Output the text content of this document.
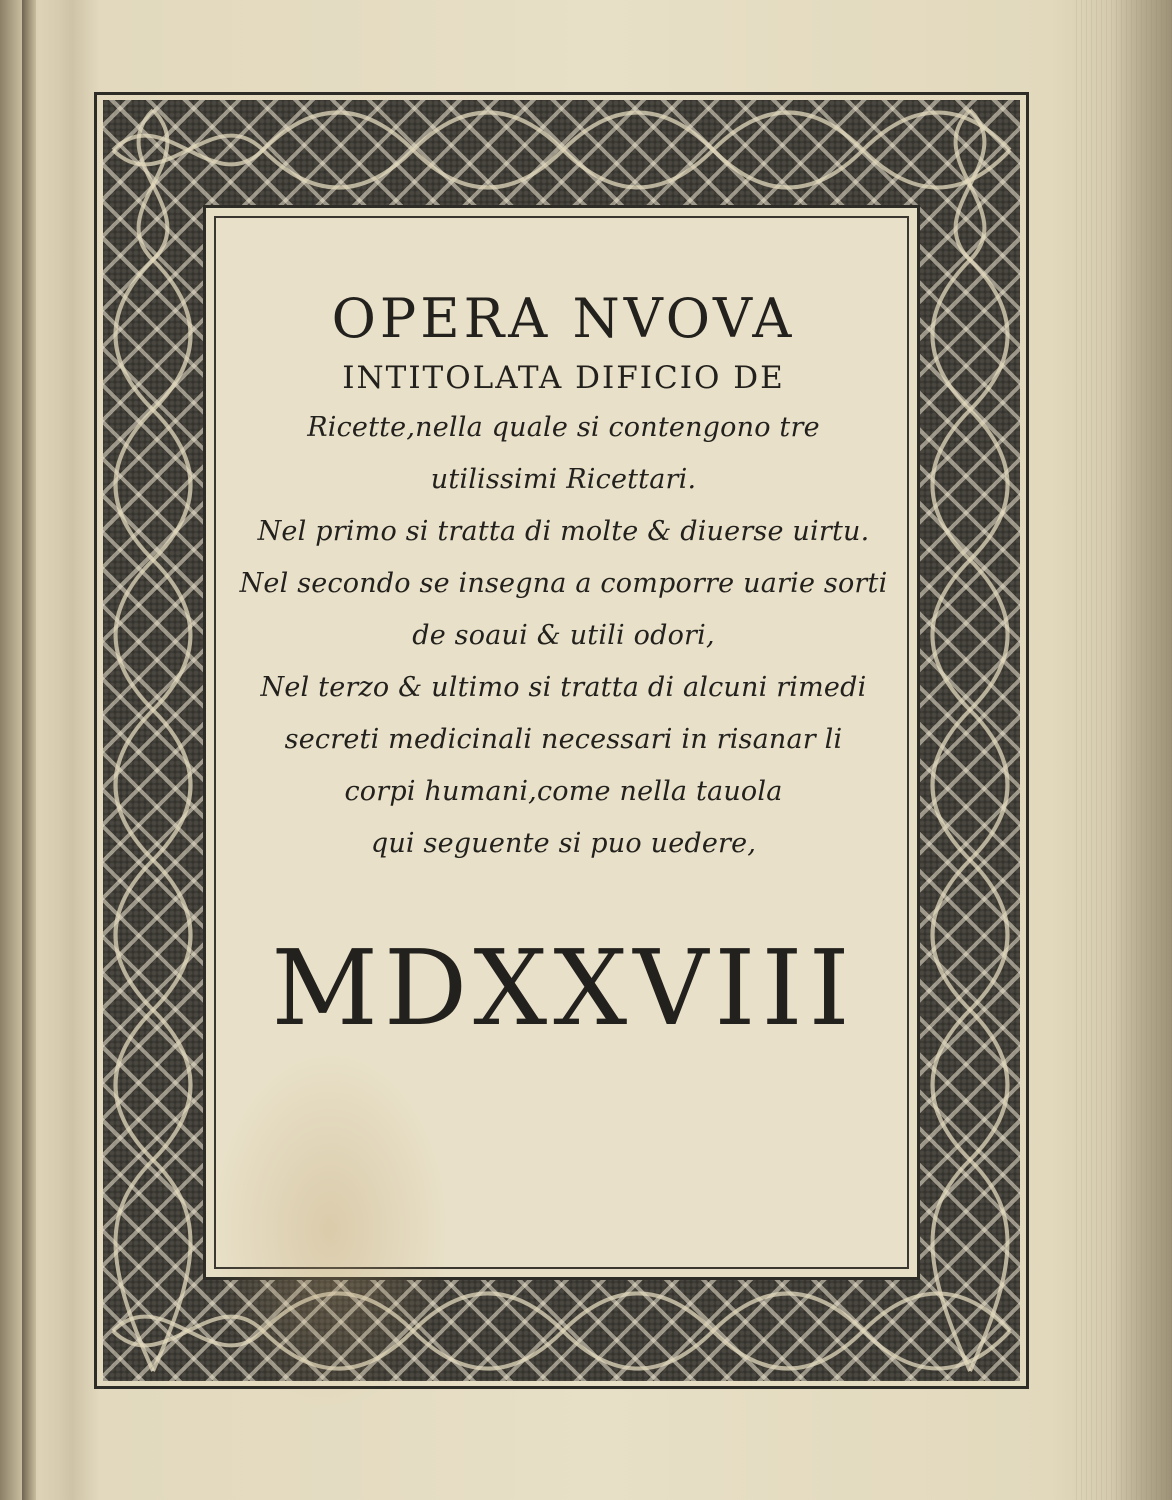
OPERA NVOVA
INTITOLATA DIFICIO DE
Ricette,nella quale si contengono tre
utilissimi Ricettari.
Nel primo si tratta di molte & diuerse uirtu.
Nel secondo se insegna a comporre uarie sorti
de soaui & utili odori,
Nel terzo & ultimo si tratta di alcuni rimedi
secreti medicinali necessari in risanar li
corpi humani,come nella tauola
qui seguente si puo uedere,
MDXXVIII
